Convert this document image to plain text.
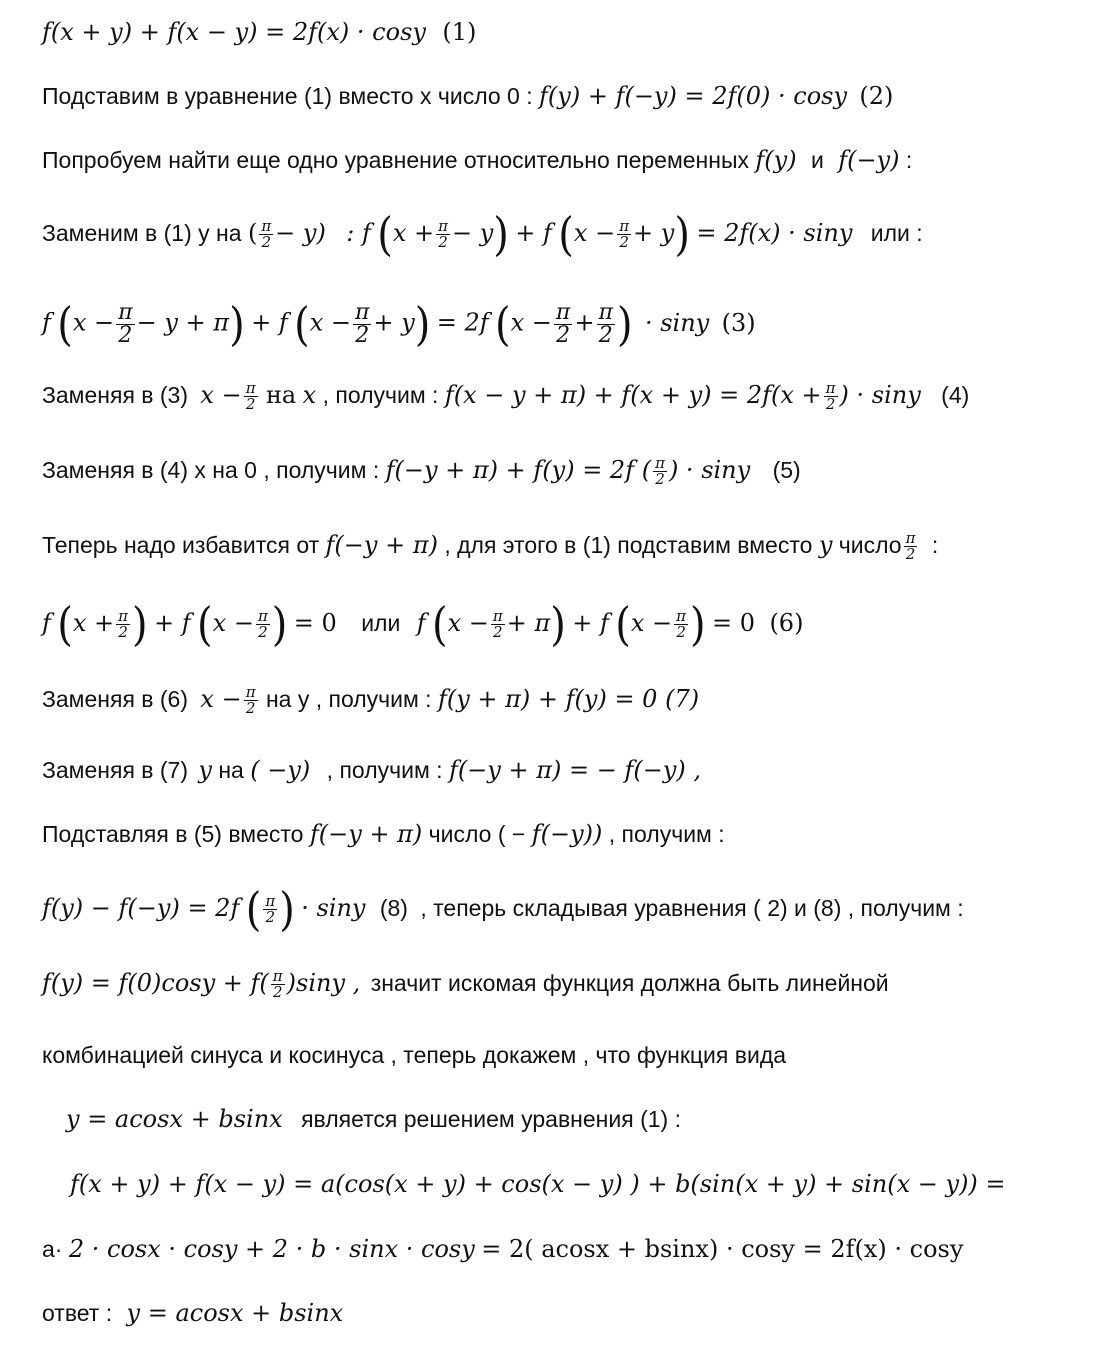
f(x + y) + f(x − y) = 2f(x) · cosy (1)
Подставим в уравнение (1) вместо x число 0 : f(y) + f(−y) = 2f(0) · cosy (2)
Попробуем найти еще одно уравнение относительно переменных f(y) и f(−y) :
Заменим в (1) y на ( $\frac{\pi}{2} - y$) : f $(x + \frac{\pi}{2} - y) + f$ $(x - \frac{\pi}{2} + y) = 2f(x) \cdot \sin y$ или :
f $(x - \frac{\pi}{2} - y + \pi) + f$ $(x - \frac{\pi}{2} + y) = 2f$ ($x - \frac{\pi}{2} + \frac{\pi}{2}$ ) · siny (3)
Заменяя в (3) $x - \frac{\pi}{2}$ на x , получим : $f(x - y + \pi) + f(x + y) = 2f(x + \frac{\pi}{2}$ ) · siny (4)
Заменяя в (4) x на 0 , получим : f(−y + π) + f(y) = 2f ( $\frac{\pi}{2}$ ) · siny (5)
Теперь надо избавится от f(−y + π) , для этого в (1) подставим вместо y число $\frac{\pi}{2}$ :
f ($x + \frac{\pi}{2}$ ) + f ($x - \frac{\pi}{2}$ ) = 0 или f $(x - \frac{\pi}{2} + \pi) + f$ ($x - \frac{\pi}{2}$ ) = 0 (6)
Заменяя в (6) $x - \frac{\pi}{2}$ на y , получим : f(y + π) + f(y) = 0 (7)
Заменяя в (7) y на ( −y) , получим : f(−y + π) = − f(−y) ,
Подставляя в (5) вместо f(−y + π) число ( − f(−y)) , получим :
f(y) − f(−y) = 2f ( $\frac{\pi}{2}$ ) · siny (8) , теперь складывая уравнения ( 2) и (8) , получим :
$f(y) = f(0)\cos y + f( \frac{\pi}{2} )\sin y$ , значит искомая функция должна быть линейной
комбинацией синуса и косинуса , теперь докажем , что функция вида
y = acosx + bsinx является решением уравнения (1) :
f(x + y) + f(x − y) = a(cos(x + y) + cos(x − y) ) + b(sin(x + y) + sin(x − y)) =
a· 2 · cosx · cosy + 2 · b · sinx · cosy = 2( acosx + bsinx) · cosy = 2f(x) · cosy
ответ : y = acosx + bsinx
